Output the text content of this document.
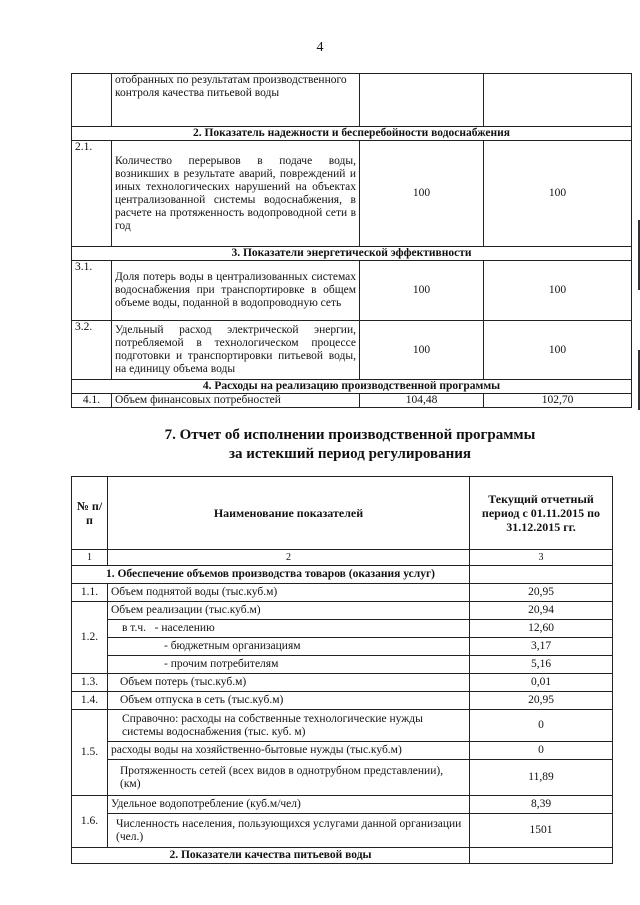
4
	отобранных по результатам производственного контроля качества питьевой воды		
2. Показатель надежности и бесперебойности водоснабжения			
2.1.	Количество перерывов в подаче воды, возникших в результате аварий, повреждений и иных технологических нарушений на объектах централизованной системы водоснабжения, в расчете на протяженность водопроводной сети в год	100	100
3. Показатели энергетической эффективности			
3.1.	Доля потерь воды в централизованных системах водоснабжения при транспортировке в общем объеме воды, поданной в водопроводную сеть	100	100
3.2.	Удельный расход электрической энергии, потребляемой в технологическом процессе подготовки и транспортировки питьевой воды, на единицу объема воды	100	100
4. Расходы на реализацию производственной программы			
4.1.	Объем финансовых потребностей	104,48	102,70
7. Отчет об исполнении производственной программы
за истекший период регулирования
№ п/п	Наименование показателей	Текущий отчетный период с 01.11.2015 по 31.12.2015 гг.
1	2	3
1. Обеспечение объемов производства товаров (оказания услуг)		
1.1.	Объем поднятой воды (тыс.куб.м)	20,95
1.2.	Объем реализации (тыс.куб.м)	20,94
	в т.ч.   - населению	12,60
	- бюджетным организациям	3,17
	- прочим потребителям	5,16
1.3.	Объем потерь (тыс.куб.м)	0,01
1.4.	Объем отпуска в сеть (тыс.куб.м)	20,95
1.5.	Справочно: расходы на собственные технологические нужды системы водоснабжения (тыс. куб. м)	0
	расходы воды на хозяйственно-бытовые нужды (тыс.куб.м)	0
	Протяженность сетей (всех видов в однотрубном представлении), (км)	11,89
1.6.	Удельное водопотребление (куб.м/чел)	8,39
	Численность населения, пользующихся услугами данной организации (чел.)	1501
2. Показатели качества питьевой воды		
